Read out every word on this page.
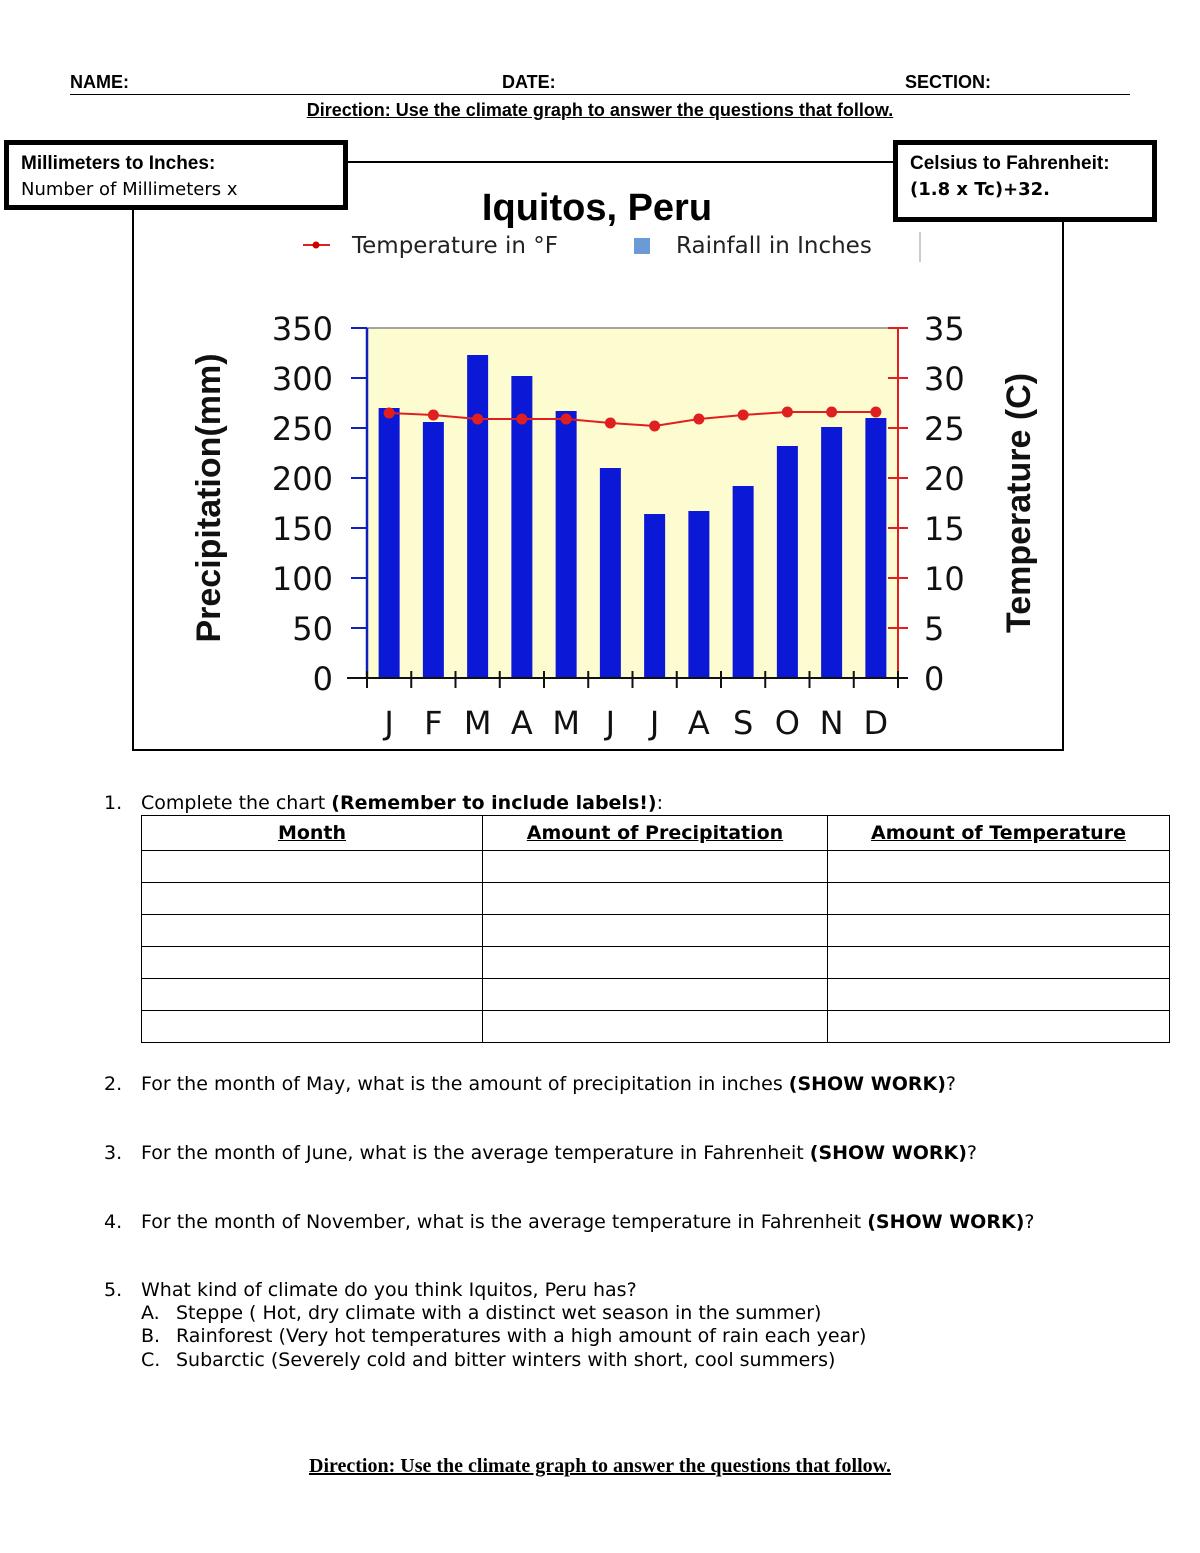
NAME:	DATE:	SECTION:
Direction: Use the climate graph to answer the questions that follow.
Iquitos, Peru
Temperature in °F	Rainfall in Inches
0
50
100
150
200
250
300
350
0
5
10
15
20
25
30
35
J F M A M J J A S O N D
Precipitation(mm)	Temperature (C)
Millimeters to Inches:
Number of Millimeters x
Celsius to Fahrenheit:
(1.8 x Tc)+32.
1. Complete the chart (Remember to include labels!):
Month	Amount of Precipitation	Amount of Temperature

2. For the month of May, what is the amount of precipitation in inches (SHOW WORK)?
3. For the month of June, what is the average temperature in Fahrenheit (SHOW WORK)?
4. For the month of November, what is the average temperature in Fahrenheit (SHOW WORK)?
5. What kind of climate do you think Iquitos, Peru has?
A. Steppe ( Hot, dry climate with a distinct wet season in the summer)
B. Rainforest (Very hot temperatures with a high amount of rain each year)
C. Subarctic (Severely cold and bitter winters with short, cool summers)
Direction: Use the climate graph to answer the questions that follow.
